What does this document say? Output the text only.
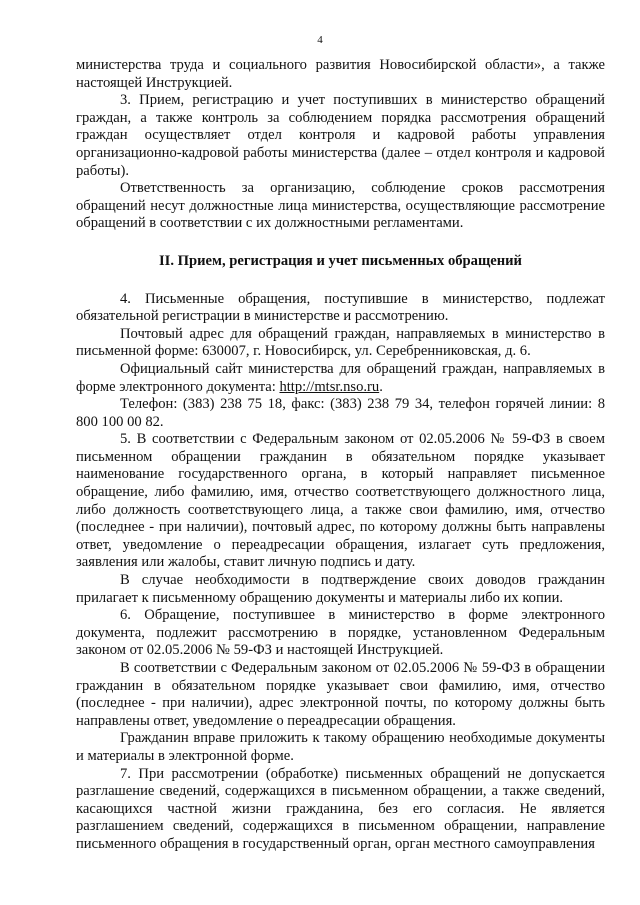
4

министерства труда и социального развития Новосибирской области», а также настоящей Инструкцией.

3. Прием, регистрацию и учет поступивших в министерство обращений граждан, а также контроль за соблюдением порядка рассмотрения обращений граждан осуществляет отдел контроля и кадровой работы управления организационно-кадровой работы министерства (далее – отдел контроля и кадровой работы).

Ответственность за организацию, соблюдение сроков рассмотрения обращений несут должностные лица министерства, осуществляющие рассмотрение обращений в соответствии с их должностными регламентами.

II. Прием, регистрация и учет письменных обращений

4. Письменные обращения, поступившие в министерство, подлежат обязательной регистрации в министерстве и рассмотрению.

Почтовый адрес для обращений граждан, направляемых в министерство в письменной форме: 630007, г. Новосибирск, ул. Серебренниковская, д. 6.

Официальный сайт министерства для обращений граждан, направляемых в форме электронного документа: http://mtsr.nso.ru.

Телефон: (383) 238 75 18, факс: (383) 238 79 34, телефон горячей линии: 8 800 100 00 82.

5. В соответствии с Федеральным законом от 02.05.2006 № 59-ФЗ в своем письменном обращении гражданин в обязательном порядке указывает наименование государственного органа, в который направляет письменное обращение, либо фамилию, имя, отчество соответствующего должностного лица, либо должность соответствующего лица, а также свои фамилию, имя, отчество (последнее - при наличии), почтовый адрес, по которому должны быть направлены ответ, уведомление о переадресации обращения, излагает суть предложения, заявления или жалобы, ставит личную подпись и дату.

В случае необходимости в подтверждение своих доводов гражданин прилагает к письменному обращению документы и материалы либо их копии.

6. Обращение, поступившее в министерство в форме электронного документа, подлежит рассмотрению в порядке, установленном Федеральным законом от 02.05.2006 № 59-ФЗ и настоящей Инструкцией.

В соответствии с Федеральным законом от 02.05.2006 № 59-ФЗ в обращении гражданин в обязательном порядке указывает свои фамилию, имя, отчество (последнее - при наличии), адрес электронной почты, по которому должны быть направлены ответ, уведомление о переадресации обращения.

Гражданин вправе приложить к такому обращению необходимые документы и материалы в электронной форме.

7. При рассмотрении (обработке) письменных обращений не допускается разглашение сведений, содержащихся в письменном обращении, а также сведений, касающихся частной жизни гражданина, без его согласия. Не является разглашением сведений, содержащихся в письменном обращении, направление письменного обращения в государственный орган, орган местного самоуправления
